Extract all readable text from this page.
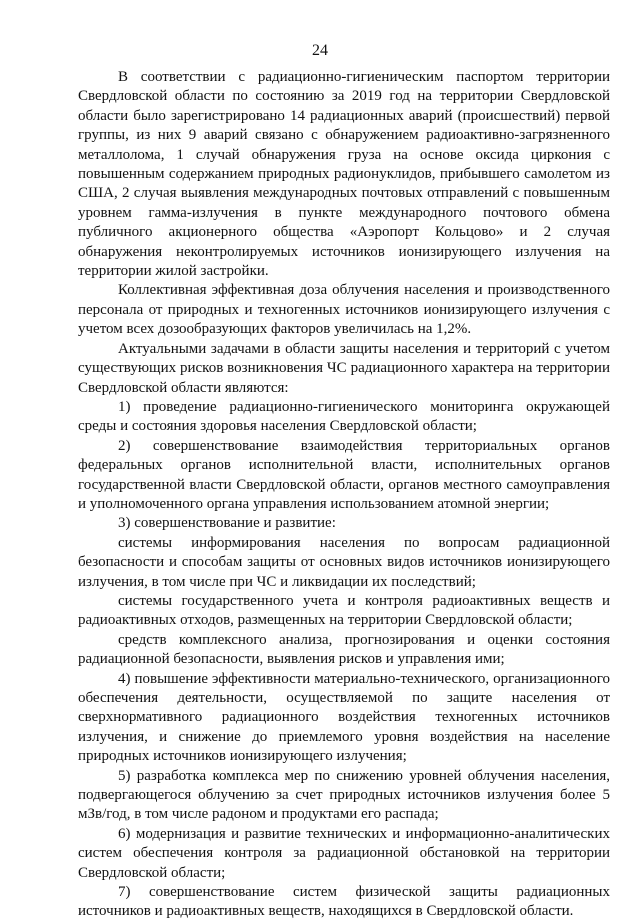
24

В соответствии с радиационно-гигиеническим паспортом территории Свердловской области по состоянию за 2019 год на территории Свердловской области было зарегистрировано 14 радиационных аварий (происшествий) первой группы, из них 9 аварий связано с обнаружением радиоактивно-загрязненного металлолома, 1 случай обнаружения груза на основе оксида циркония с повышенным содержанием природных радионуклидов, прибывшего самолетом из США, 2 случая выявления международных почтовых отправлений с повышенным уровнем гамма-излучения в пункте международного почтового обмена публичного акционерного общества «Аэропорт Кольцово» и 2 случая обнаружения неконтролируемых источников ионизирующего излучения на территории жилой застройки.

Коллективная эффективная доза облучения населения и производственного персонала от природных и техногенных источников ионизирующего излучения с учетом всех дозообразующих факторов увеличилась на 1,2%.

Актуальными задачами в области защиты населения и территорий с учетом существующих рисков возникновения ЧС радиационного характера на территории Свердловской области являются:

1) проведение радиационно-гигиенического мониторинга окружающей среды и состояния здоровья населения Свердловской области;

2) совершенствование взаимодействия территориальных органов федеральных органов исполнительной власти, исполнительных органов государственной власти Свердловской области, органов местного самоуправления и уполномоченного органа управления использованием атомной энергии;

3) совершенствование и развитие:

системы информирования населения по вопросам радиационной безопасности и способам защиты от основных видов источников ионизирующего излучения, в том числе при ЧС и ликвидации их последствий;

системы государственного учета и контроля радиоактивных веществ и радиоактивных отходов, размещенных на территории Свердловской области;

средств комплексного анализа, прогнозирования и оценки состояния радиационной безопасности, выявления рисков и управления ими;

4) повышение эффективности материально-технического, организационного обеспечения деятельности, осуществляемой по защите населения от сверхнормативного радиационного воздействия техногенных источников излучения, и снижение до приемлемого уровня воздействия на население природных источников ионизирующего излучения;

5) разработка комплекса мер по снижению уровней облучения населения, подвергающегося облучению за счет природных источников излучения более 5 мЗв/год, в том числе радоном и продуктами его распада;

6) модернизация и развитие технических и информационно-аналитических систем обеспечения контроля за радиационной обстановкой на территории Свердловской области;

7) совершенствование систем физической защиты радиационных источников и радиоактивных веществ, находящихся в Свердловской области.
